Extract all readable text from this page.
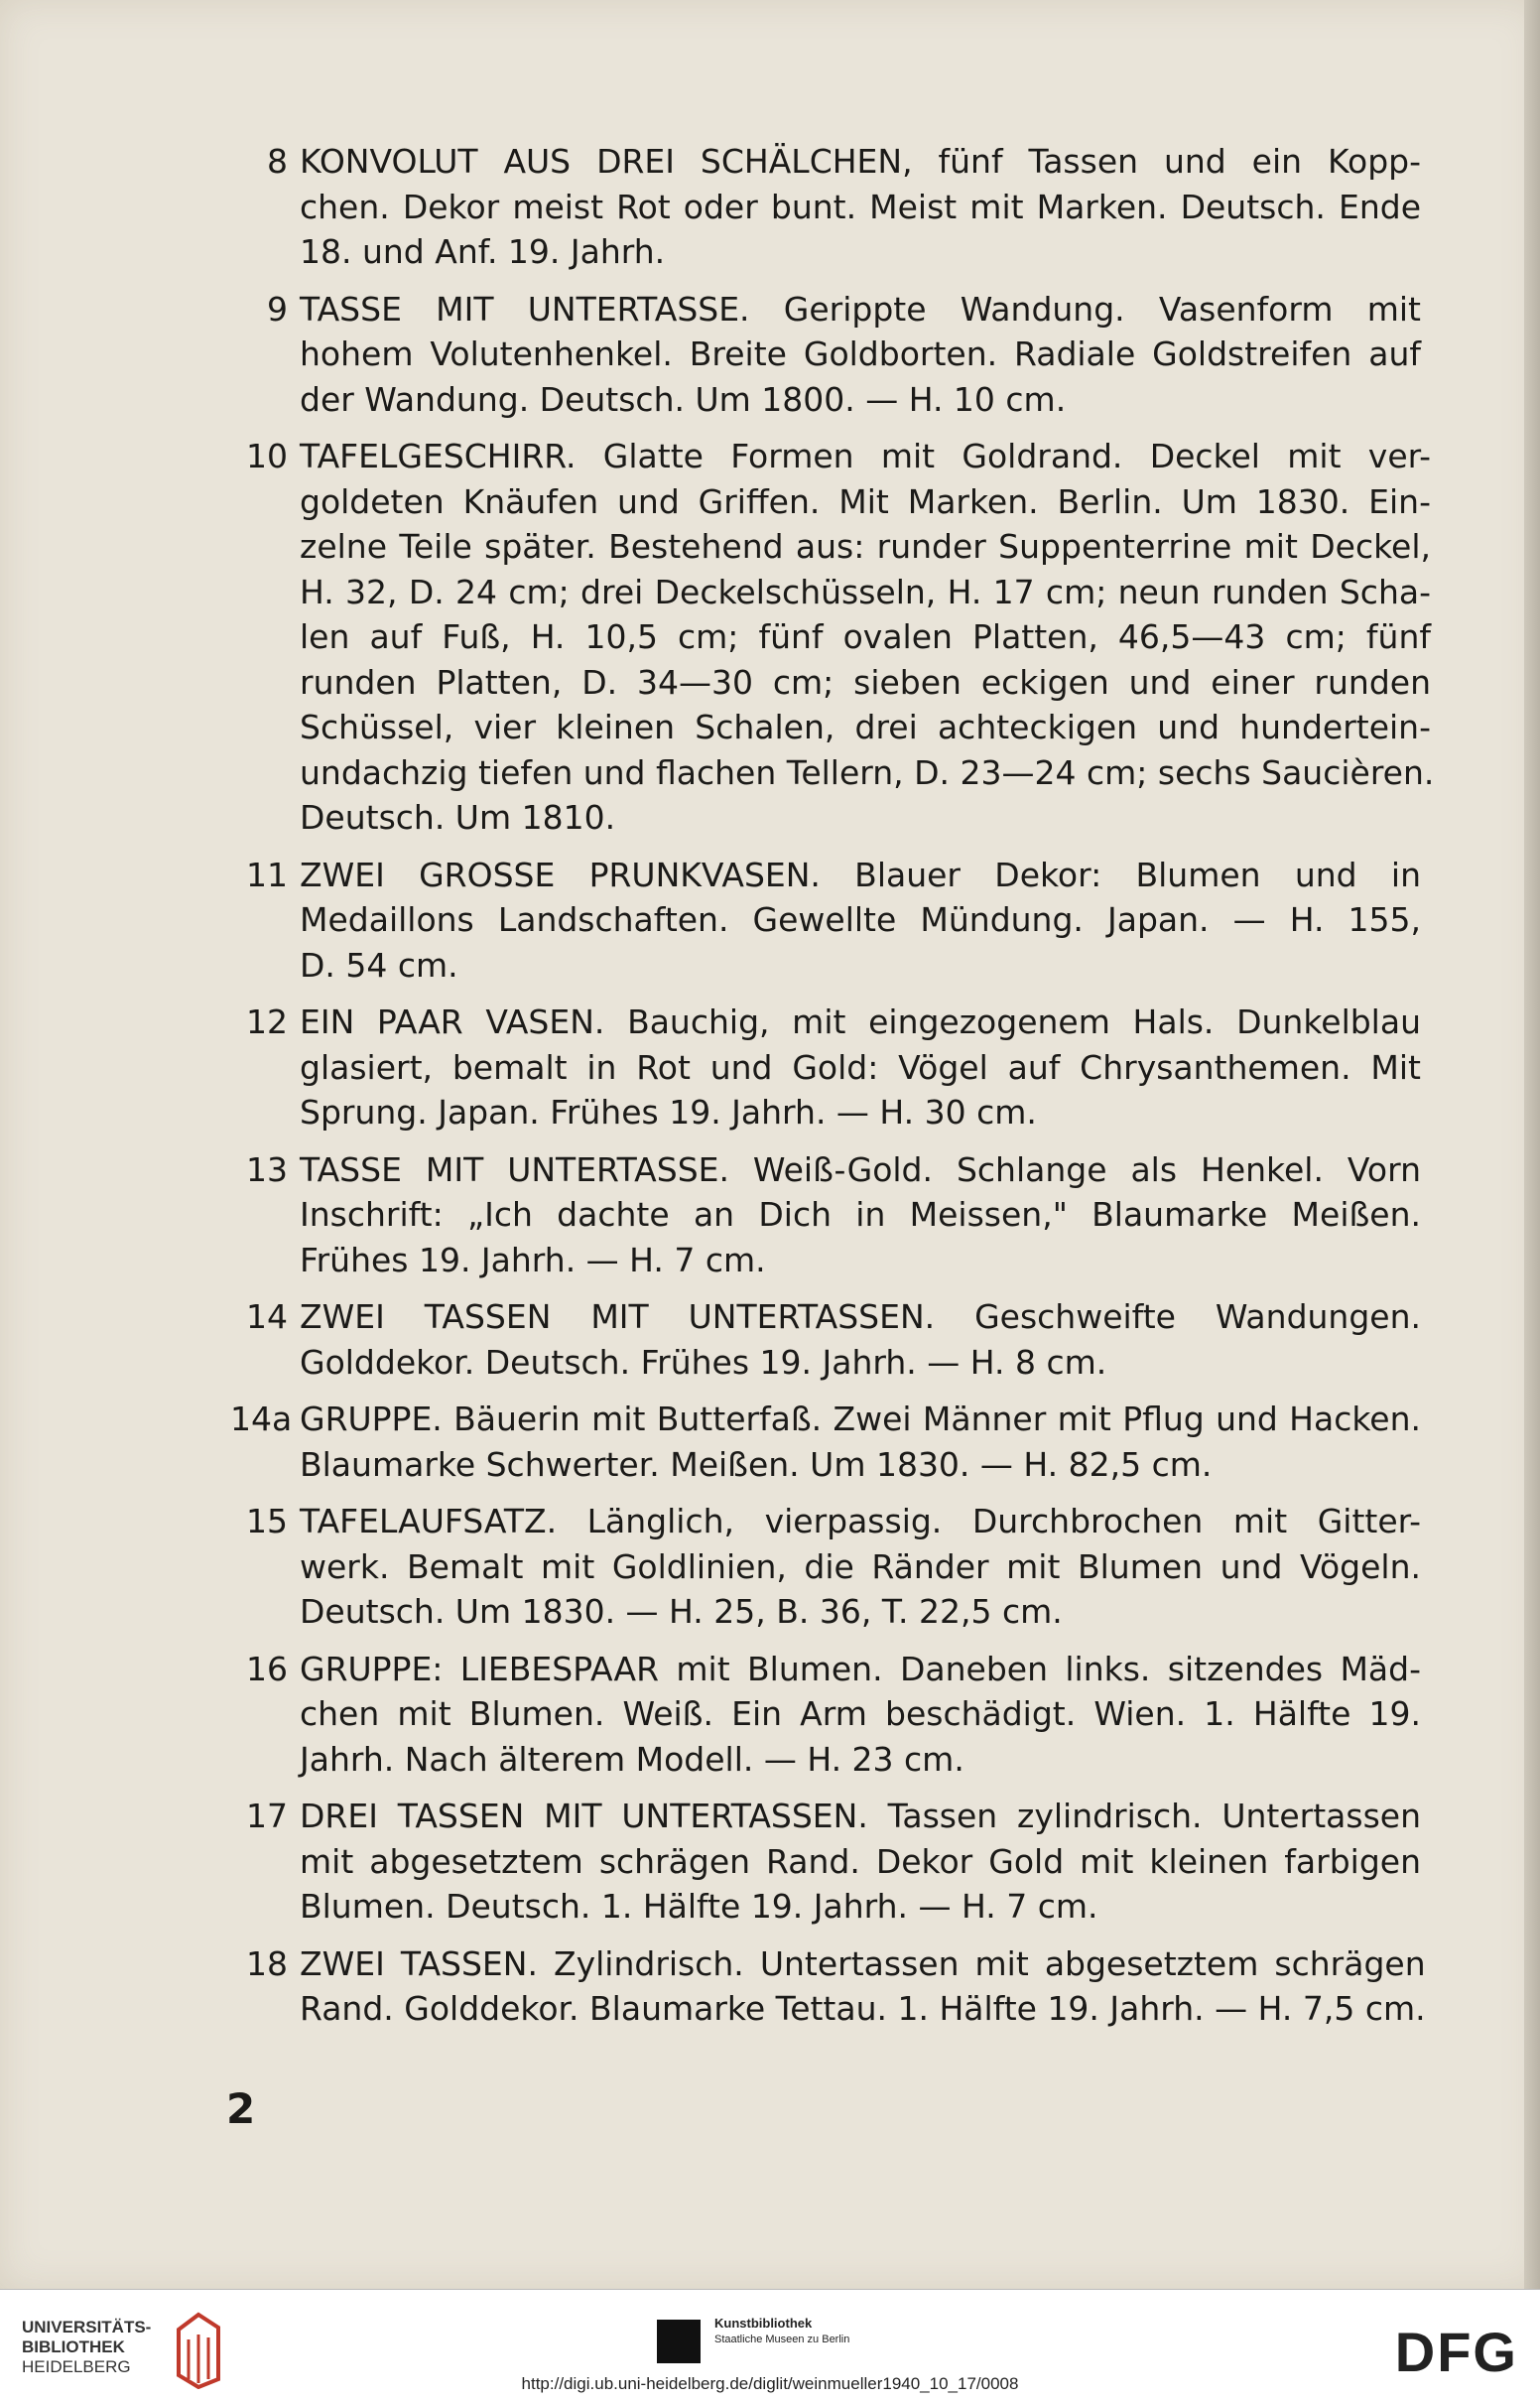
8 KONVOLUT AUS DREI SCHÄLCHEN, fünf Tassen und ein Kopp-
chen. Dekor meist Rot oder bunt. Meist mit Marken. Deutsch. Ende
18. und Anf. 19. Jahrh.
9 TASSE MIT UNTERTASSE. Gerippte Wandung. Vasenform mit
hohem Volutenhenkel. Breite Goldborten. Radiale Goldstreifen auf
der Wandung. Deutsch. Um 1800. — H. 10 cm.
10 TAFELGESCHIRR. Glatte Formen mit Goldrand. Deckel mit ver-
goldeten Knäufen und Griffen. Mit Marken. Berlin. Um 1830. Ein-
zelne Teile später. Bestehend aus: runder Suppenterrine mit Deckel,
H. 32, D. 24 cm; drei Deckelschüsseln, H. 17 cm; neun runden Scha-
len auf Fuß, H. 10,5 cm; fünf ovalen Platten, 46,5—43 cm; fünf
runden Platten, D. 34—30 cm; sieben eckigen und einer runden
Schüssel, vier kleinen Schalen, drei achteckigen und hundertein-
undachzig tiefen und flachen Tellern, D. 23—24 cm; sechs Saucièren.
Deutsch. Um 1810.
11 ZWEI GROSSE PRUNKVASEN. Blauer Dekor: Blumen und in
Medaillons Landschaften. Gewellte Mündung. Japan. — H. 155,
D. 54 cm.
12 EIN PAAR VASEN. Bauchig, mit eingezogenem Hals. Dunkelblau
glasiert, bemalt in Rot und Gold: Vögel auf Chrysanthemen. Mit
Sprung. Japan. Frühes 19. Jahrh. — H. 30 cm.
13 TASSE MIT UNTERTASSE. Weiß-Gold. Schlange als Henkel. Vorn
Inschrift: „Ich dachte an Dich in Meissen," Blaumarke Meißen.
Frühes 19. Jahrh. — H. 7 cm.
14 ZWEI TASSEN MIT UNTERTASSEN. Geschweifte Wandungen.
Golddekor. Deutsch. Frühes 19. Jahrh. — H. 8 cm.
14a GRUPPE. Bäuerin mit Butterfaß. Zwei Männer mit Pflug und Hacken.
Blaumarke Schwerter. Meißen. Um 1830. — H. 82,5 cm.
15 TAFELAUFSATZ. Länglich, vierpassig. Durchbrochen mit Gitter-
werk. Bemalt mit Goldlinien, die Ränder mit Blumen und Vögeln.
Deutsch. Um 1830. — H. 25, B. 36, T. 22,5 cm.
16 GRUPPE: LIEBESPAAR mit Blumen. Daneben links. sitzendes Mäd-
chen mit Blumen. Weiß. Ein Arm beschädigt. Wien. 1. Hälfte 19.
Jahrh. Nach älterem Modell. — H. 23 cm.
17 DREI TASSEN MIT UNTERTASSEN. Tassen zylindrisch. Untertassen
mit abgesetztem schrägen Rand. Dekor Gold mit kleinen farbigen
Blumen. Deutsch. 1. Hälfte 19. Jahrh. — H. 7 cm.
18 ZWEI TASSEN. Zylindrisch. Untertassen mit abgesetztem schrägen
Rand. Golddekor. Blaumarke Tettau. 1. Hälfte 19. Jahrh. — H. 7,5 cm.
2
UNIVERSITÄTS-
BIBLIOTHEK
HEIDELBERG
Kunstbibliothek
Staatliche Museen zu Berlin	DFG
http://digi.ub.uni-heidelberg.de/diglit/weinmueller1940_10_17/0008
